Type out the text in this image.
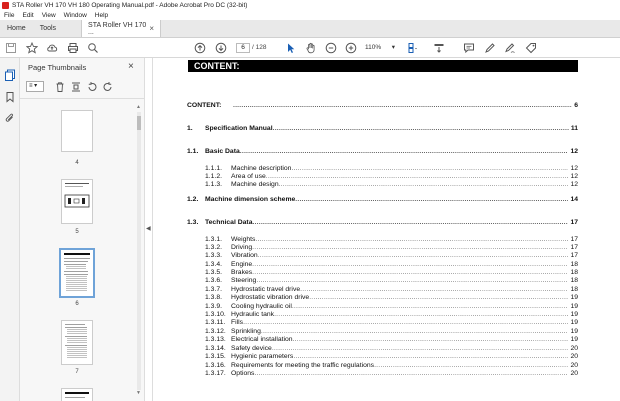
STA Roller VH 170 VH 180 Operating Manual.pdf - Adobe Acrobat Pro DC (32-bit)
File	Edit	View	Window	Help
Home	Tools	STA Roller VH 170 ...	×
6	/ 128	110% ▾
Page Thumbnails	×
≡ ▾
4
5
6
7
▲
▼
◀
CONTENT:
CONTENT: .....	6
1.	Specification Manual .....	11
1.1. Basic Data .....	12
1.1.1.	Machine description .....	12
1.1.2.	Area of use .....	12
1.1.3.	Machine design .....	12
1.2. Machine dimension scheme .....	14
1.3. Technical Data .....	17
1.3.1.	Weights .....	17
1.3.2.	Driving .....	17
1.3.3.	Vibration .....	17
1.3.4.	Engine .....	18
1.3.5.	Brakes .....	18
1.3.6.	Steering .....	18
1.3.7.	Hydrostatic travel drive .....	18
1.3.8.	Hydrostatic vibration drive .....	19
1.3.9.	Cooling hydraulic oil .....	19
1.3.10. Hydraulic tank .....	19
1.3.11. Fills .....	19
1.3.12. Sprinkling .....	19
1.3.13. Electrical installation .....	19
1.3.14. Safety device .....	20
1.3.15. Hygienic parameters .....	20
1.3.16. Requirements for meeting the traffic regulations .....	20
1.3.17. Options .....	20
